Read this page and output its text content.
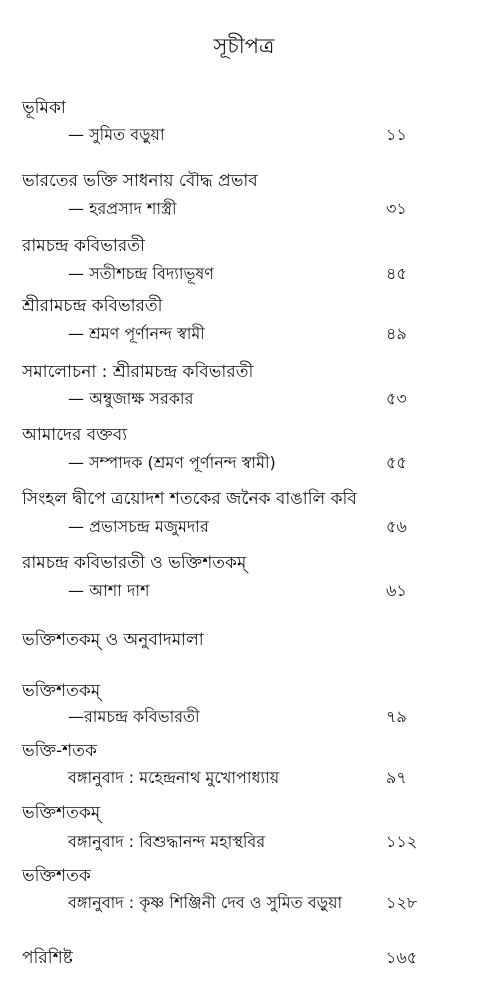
সূচীপত্র
ভূমিকা
— সুমিত বড়ুয়া	১১
ভারতের ভক্তি সাধনায় বৌদ্ধ প্রভাব
— হরপ্রসাদ শাস্ত্রী	৩১
রামচন্দ্র কবিভারতী
— সতীশচন্দ্র বিদ্যাভূষণ	৪৫
শ্রীরামচন্দ্র কবিভারতী
— শ্রমণ পূর্ণানন্দ স্বামী	৪৯
সমালোচনা : শ্রীরামচন্দ্র কবিভারতী
— অম্বুজাক্ষ সরকার	৫৩
আমাদের বক্তব্য
— সম্পাদক (শ্রমণ পূর্ণানন্দ স্বামী)	৫৫
সিংহল দ্বীপে ত্রয়োদশ শতকের জনৈক বাঙালি কবি
— প্রভাসচন্দ্র মজুমদার	৫৬
রামচন্দ্র কবিভারতী ও ভক্তিশতকম্
— আশা দাশ	৬১
ভক্তিশতকম্ ও অনুবাদমালা
ভক্তিশতকম্
—রামচন্দ্র কবিভারতী	৭৯
ভক্তি-শতক
বঙ্গানুবাদ : মহেন্দ্রনাথ মুখোপাধ্যায়	৯৭
ভক্তিশতকম্
বঙ্গানুবাদ : বিশুদ্ধানন্দ মহাস্থবির	১১২
ভক্তিশতক
বঙ্গানুবাদ : কৃষ্ণ শিঞ্জিনী দেব ও সুমিত বড়ুয়া	১২৮
পরিশিষ্ট	১৬৫
